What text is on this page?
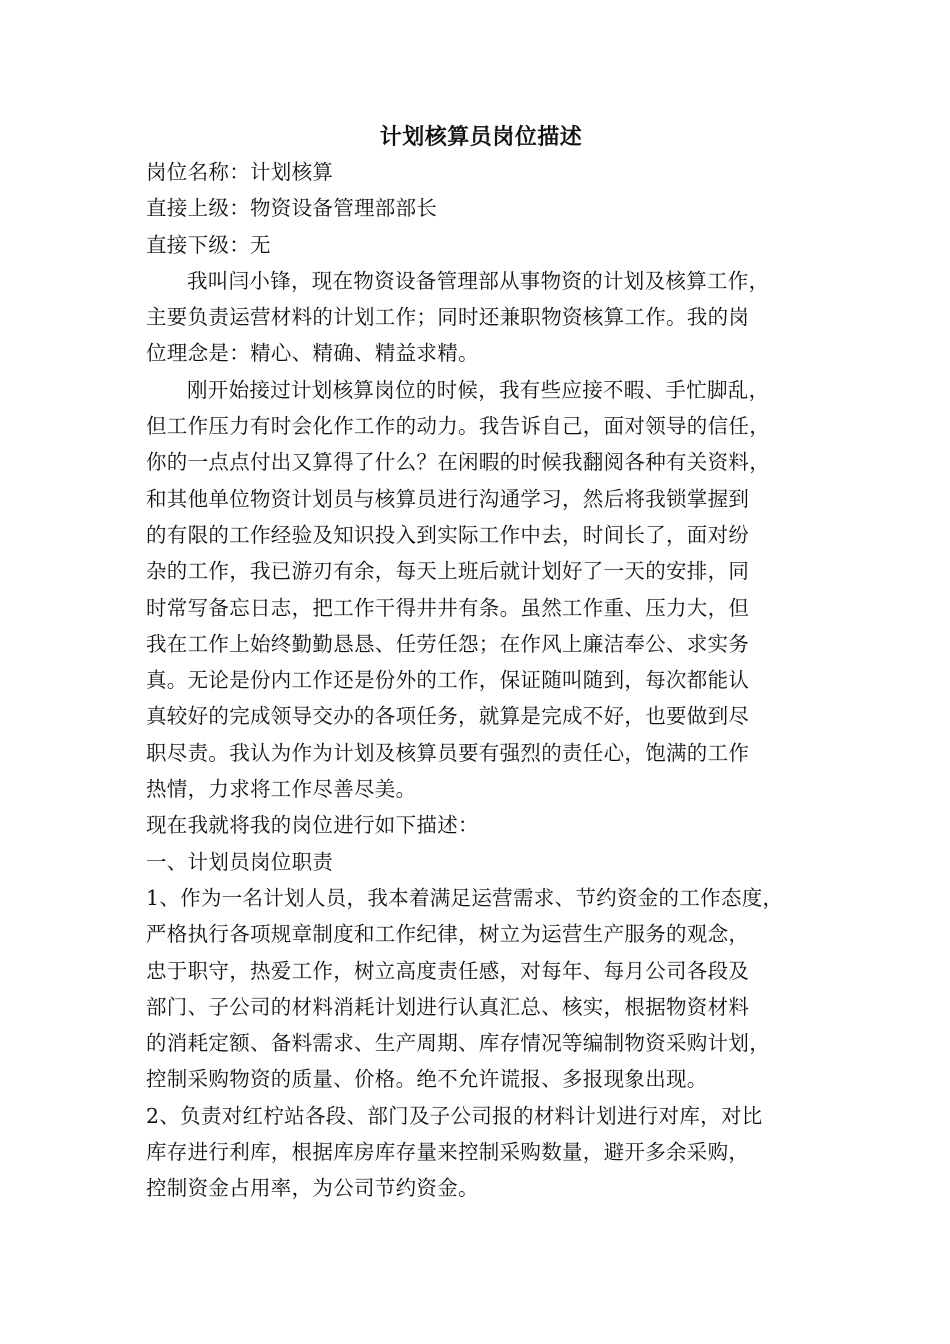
计划核算员岗位描述
岗位名称：计划核算
直接上级：物资设备管理部部长
直接下级：无
我叫闫小锋，现在物资设备管理部从事物资的计划及核算工作，
主要负责运营材料的计划工作；同时还兼职物资核算工作。我的岗
位理念是：精心、精确、精益求精。
刚开始接过计划核算岗位的时候，我有些应接不暇、手忙脚乱，
但工作压力有时会化作工作的动力。我告诉自己，面对领导的信任，
你的一点点付出又算得了什么？在闲暇的时候我翻阅各种有关资料，
和其他单位物资计划员与核算员进行沟通学习，然后将我锁掌握到
的有限的工作经验及知识投入到实际工作中去，时间长了，面对纷
杂的工作，我已游刃有余，每天上班后就计划好了一天的安排，同
时常写备忘日志，把工作干得井井有条。虽然工作重、压力大，但
我在工作上始终勤勤恳恳、任劳任怨；在作风上廉洁奉公、求实务
真。无论是份内工作还是份外的工作，保证随叫随到，每次都能认
真较好的完成领导交办的各项任务，就算是完成不好，也要做到尽
职尽责。我认为作为计划及核算员要有强烈的责任心，饱满的工作
热情，力求将工作尽善尽美。
现在我就将我的岗位进行如下描述：
一、计划员岗位职责
1、作为一名计划人员，我本着满足运营需求、节约资金的工作态度，
严格执行各项规章制度和工作纪律，树立为运营生产服务的观念，
忠于职守，热爱工作，树立高度责任感，对每年、每月公司各段及
部门、子公司的材料消耗计划进行认真汇总、核实，根据物资材料
的消耗定额、备料需求、生产周期、库存情况等编制物资采购计划，
控制采购物资的质量、价格。绝不允许谎报、多报现象出现。
2、负责对红柠站各段、部门及子公司报的材料计划进行对库，对比
库存进行利库，根据库房库存量来控制采购数量，避开多余采购，
控制资金占用率，为公司节约资金。
